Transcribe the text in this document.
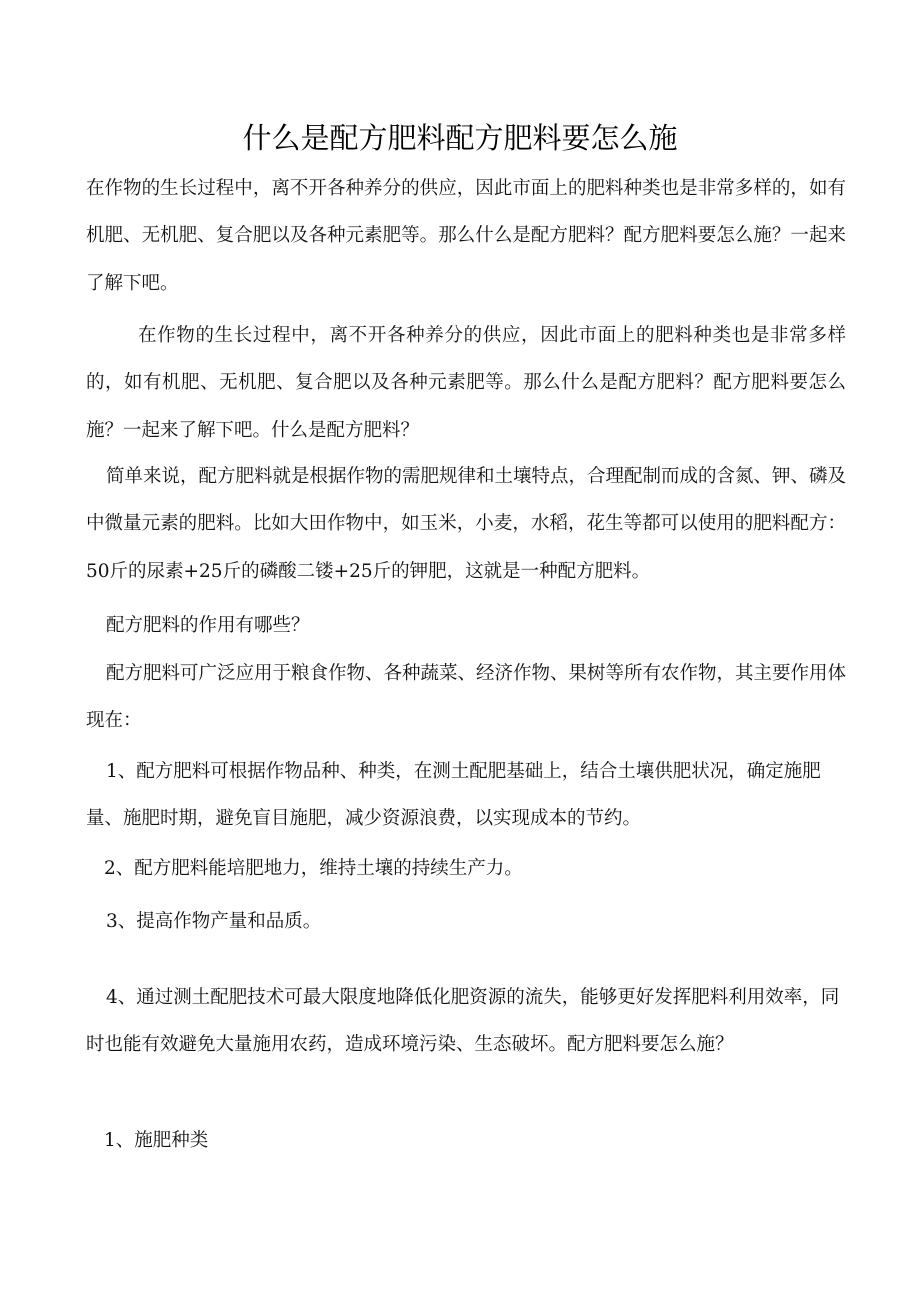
什么是配方肥料配方肥料要怎么施

在作物的生长过程中，离不开各种养分的供应，因此市面上的肥料种类也是非常多样的，如有机肥、无机肥、复合肥以及各种元素肥等。那么什么是配方肥料？配方肥料要怎么施？一起来了解下吧。

在作物的生长过程中，离不开各种养分的供应，因此市面上的肥料种类也是非常多样的，如有机肥、无机肥、复合肥以及各种元素肥等。那么什么是配方肥料？配方肥料要怎么施？一起来了解下吧。什么是配方肥料？

简单来说，配方肥料就是根据作物的需肥规律和土壤特点，合理配制而成的含氮、钾、磷及中微量元素的肥料。比如大田作物中，如玉米，小麦，水稻，花生等都可以使用的肥料配方：50斤的尿素+25斤的磷酸二镂+25斤的钾肥，这就是一种配方肥料。

配方肥料的作用有哪些？

配方肥料可广泛应用于粮食作物、各种蔬菜、经济作物、果树等所有农作物，其主要作用体现在：

1、配方肥料可根据作物品种、种类，在测土配肥基础上，结合土壤供肥状况，确定施肥量、施肥时期，避免盲目施肥，减少资源浪费，以实现成本的节约。

2、配方肥料能培肥地力，维持土壤的持续生产力。

3、提高作物产量和品质。

4、通过测土配肥技术可最大限度地降低化肥资源的流失，能够更好发挥肥料利用效率，同时也能有效避免大量施用农药，造成环境污染、生态破坏。配方肥料要怎么施？

1、施肥种类
